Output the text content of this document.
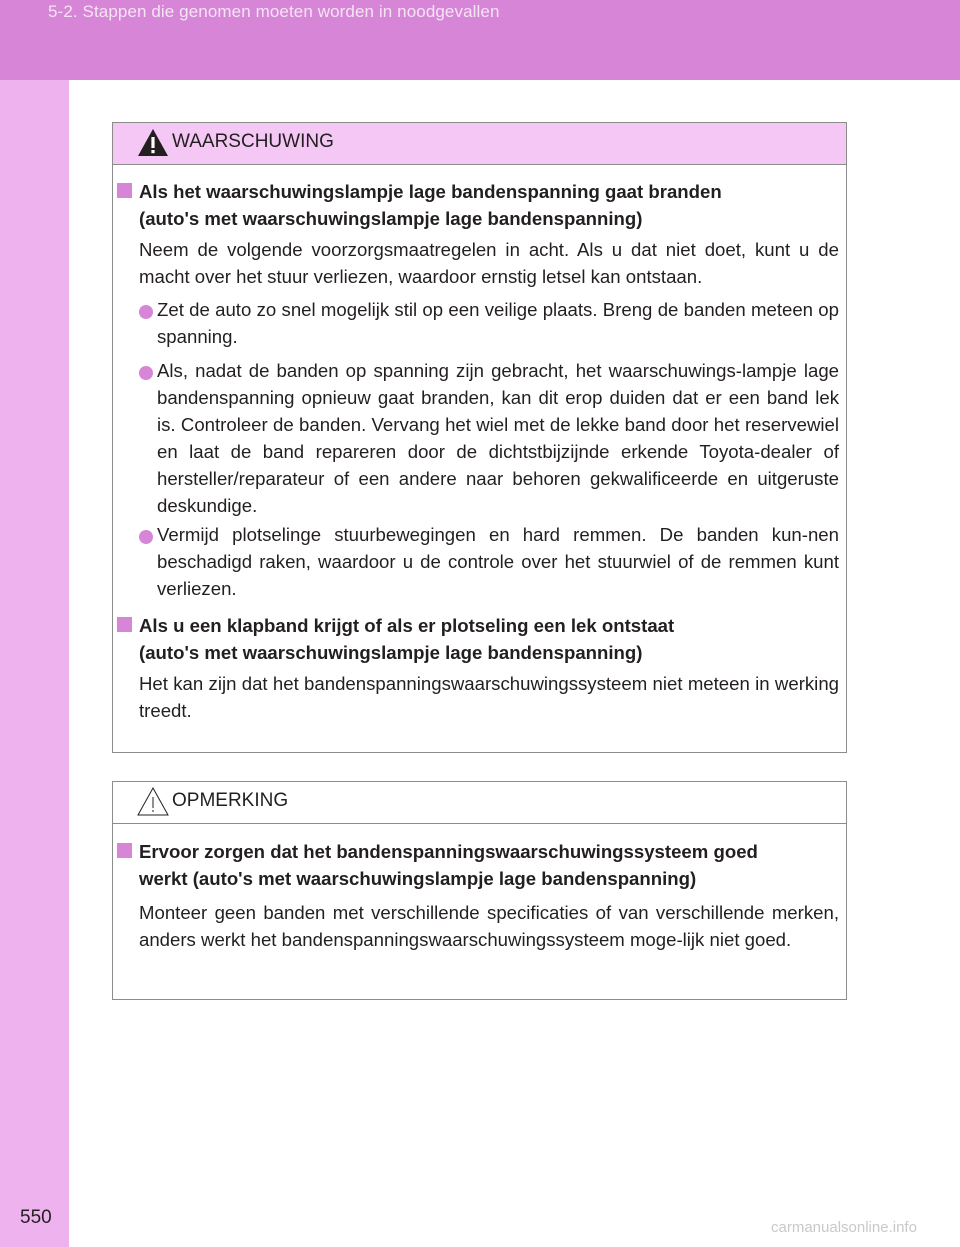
5-2. Stappen die genomen moeten worden in noodgevallen
WAARSCHUWING
Als het waarschuwingslampje lage bandenspanning gaat branden
(auto's met waarschuwingslampje lage bandenspanning)
Neem de volgende voorzorgsmaatregelen in acht. Als u dat niet doet, kunt u de macht over het stuur verliezen, waardoor ernstig letsel kan ontstaan.
Zet de auto zo snel mogelijk stil op een veilige plaats. Breng de banden meteen op spanning.
Als, nadat de banden op spanning zijn gebracht, het waarschuwings-lampje lage bandenspanning opnieuw gaat branden, kan dit erop duiden dat er een band lek is. Controleer de banden. Vervang het wiel met de lekke band door het reservewiel en laat de band repareren door de dichtstbijzijnde erkende Toyota-dealer of hersteller/reparateur of een andere naar behoren gekwalificeerde en uitgeruste deskundige.
Vermijd plotselinge stuurbewegingen en hard remmen. De banden kun-nen beschadigd raken, waardoor u de controle over het stuurwiel of de remmen kunt verliezen.
Als u een klapband krijgt of als er plotseling een lek ontstaat
(auto's met waarschuwingslampje lage bandenspanning)
Het kan zijn dat het bandenspanningswaarschuwingssysteem niet meteen in werking treedt.
OPMERKING
Ervoor zorgen dat het bandenspanningswaarschuwingssysteem goed
werkt (auto's met waarschuwingslampje lage bandenspanning)
Monteer geen banden met verschillende specificaties of van verschillende merken, anders werkt het bandenspanningswaarschuwingssysteem moge-lijk niet goed.
550	carmanualsonline.info
